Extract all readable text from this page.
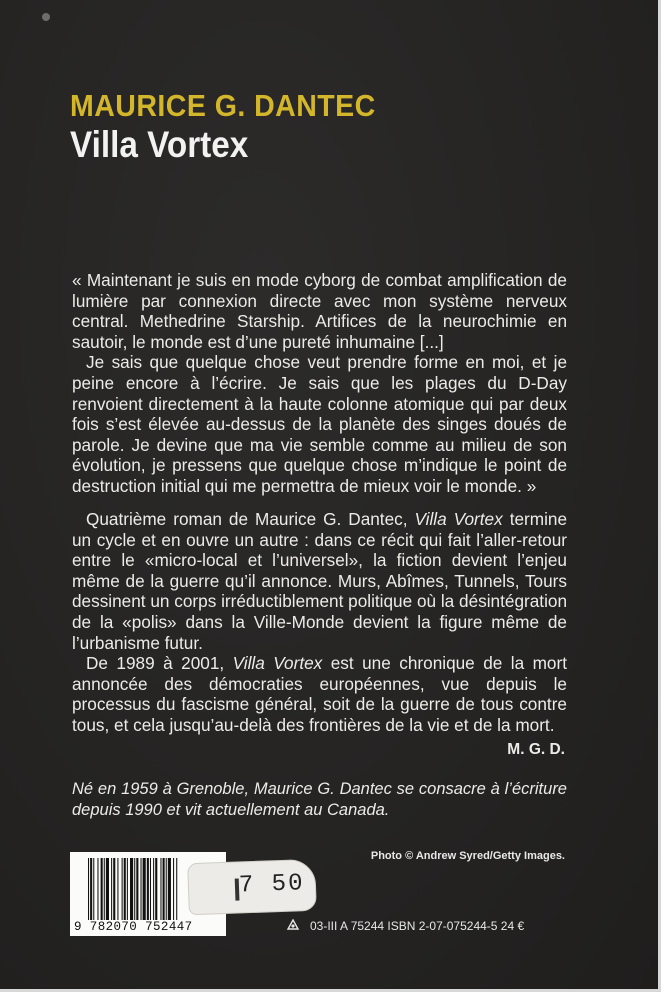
MAURICE G. DANTEC
Villa Vortex

« Maintenant je suis en mode cyborg de combat amplification de lumière par connexion directe avec mon système nerveux central. Methedrine Starship. Artifices de la neurochimie en sautoir, le monde est d’une pureté inhumaine [...]

Je sais que quelque chose veut prendre forme en moi, et je peine encore à l’écrire. Je sais que les plages du D-Day renvoient directement à la haute colonne atomique qui par deux fois s’est élevée au-dessus de la planète des singes doués de parole. Je devine que ma vie semble comme au milieu de son évolution, je pressens que quelque chose m’indique le point de destruction initial qui me permettra de mieux voir le monde. »

Quatrième roman de Maurice G. Dantec, Villa Vortex termine un cycle et en ouvre un autre : dans ce récit qui fait l’aller-retour entre le «micro-local et l’universel», la fiction devient l’enjeu même de la guerre qu’il annonce. Murs, Abîmes, Tunnels, Tours dessinent un corps irréductiblement politique où la désintégration de la «polis» dans la Ville-Monde devient la figure même de l’urbanisme futur.

De 1989 à 2001, Villa Vortex est une chronique de la mort annoncée des démocraties européennes, vue depuis le processus du fascisme général, soit de la guerre de tous contre tous, et cela jusqu’au-delà des frontières de la vie et de la mort.

M. G. D.

Né en 1959 à Grenoble, Maurice G. Dantec se consacre à l’écriture depuis 1990 et vit actuellement au Canada.

Photo © Andrew Syred/Getty Images.
9 782070 752447
7 50
03-III A 75244 ISBN 2-07-075244-5 24 €
